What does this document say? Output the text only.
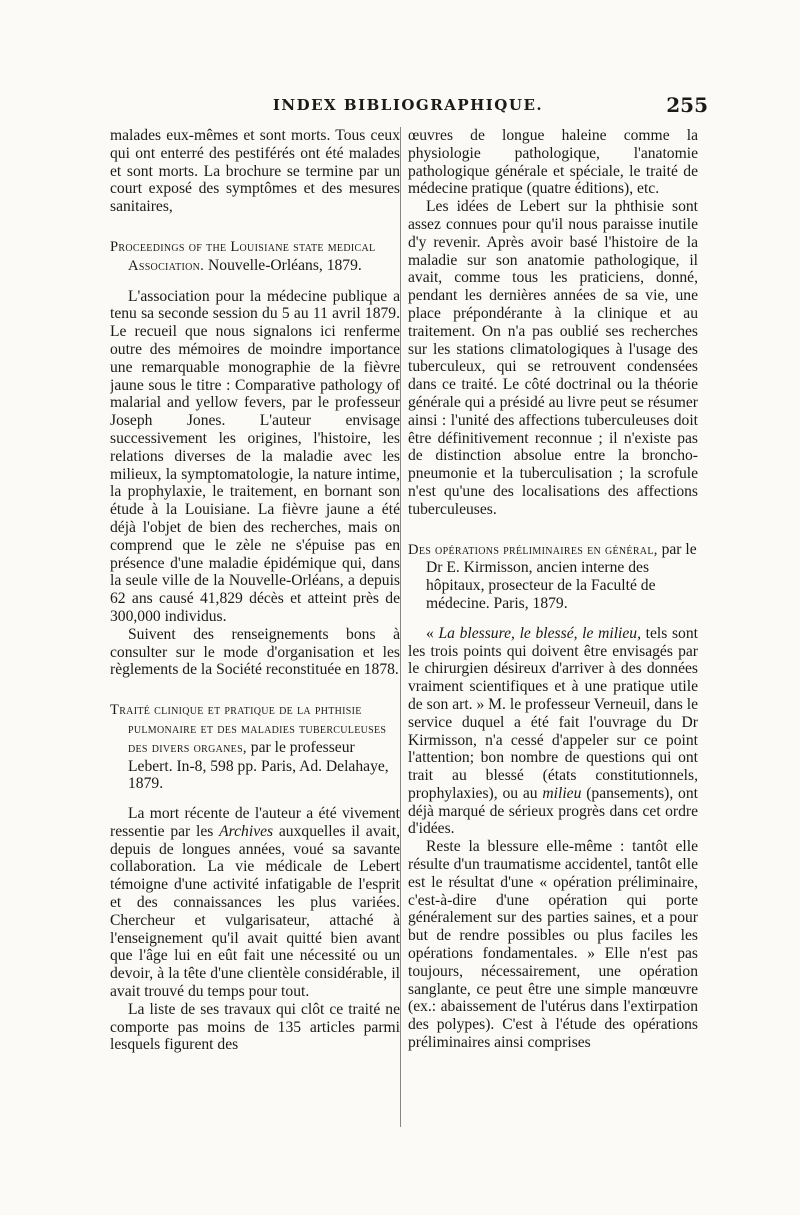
INDEX BIBLIOGRAPHIQUE.	255

malades eux-mêmes et sont morts. Tous ceux qui ont enterré des pestiférés ont été malades et sont morts. La brochure se termine par un court exposé des symptômes et des mesures sanitaires,

Proceedings of the Louisiane state medical Association. Nouvelle-Orléans, 1879.

L'association pour la médecine publique a tenu sa seconde session du 5 au 11 avril 1879. Le recueil que nous signalons ici renferme outre des mémoires de moindre importance une remarquable monographie de la fièvre jaune sous le titre : Comparative pathology of malarial and yellow fevers, par le professeur Joseph Jones. L'auteur envisage successivement les origines, l'histoire, les relations diverses de la maladie avec les milieux, la symptomatologie, la nature intime, la prophylaxie, le traitement, en bornant son étude à la Louisiane. La fièvre jaune a été déjà l'objet de bien des recherches, mais on comprend que le zèle ne s'épuise pas en présence d'une maladie épidémique qui, dans la seule ville de la Nouvelle-Orléans, a depuis 62 ans causé 41,829 décès et atteint près de 300,000 individus.

Suivent des renseignements bons à consulter sur le mode d'organisation et les règlements de la Société reconstituée en 1878.

Traité clinique et pratique de la phthisie pulmonaire et des maladies tuberculeuses des divers organes, par le professeur Lebert. In-8, 598 pp. Paris, Ad. Delahaye, 1879.

La mort récente de l'auteur a été vivement ressentie par les Archives auxquelles il avait, depuis de longues années, voué sa savante collaboration. La vie médicale de Lebert témoigne d'une activité infatigable de l'esprit et des connaissances les plus variées. Chercheur et vulgarisateur, attaché à l'enseignement qu'il avait quitté bien avant que l'âge lui en eût fait une nécessité ou un devoir, à la tête d'une clientèle considérable, il avait trouvé du temps pour tout.

La liste de ses travaux qui clôt ce traité ne comporte pas moins de 135 articles parmi lesquels figurent des

œuvres de longue haleine comme la physiologie pathologique, l'anatomie pathologique générale et spéciale, le traité de médecine pratique (quatre éditions), etc.

Les idées de Lebert sur la phthisie sont assez connues pour qu'il nous paraisse inutile d'y revenir. Après avoir basé l'histoire de la maladie sur son anatomie pathologique, il avait, comme tous les praticiens, donné, pendant les dernières années de sa vie, une place prépondérante à la clinique et au traitement. On n'a pas oublié ses recherches sur les stations climatologiques à l'usage des tuberculeux, qui se retrouvent condensées dans ce traité. Le côté doctrinal ou la théorie générale qui a présidé au livre peut se résumer ainsi : l'unité des affections tuberculeuses doit être définitivement reconnue ; il n'existe pas de distinction absolue entre la broncho-pneumonie et la tuberculisation ; la scrofule n'est qu'une des localisations des affections tuberculeuses.

Des opérations préliminaires en général, par le Dr E. Kirmisson, ancien interne des hôpitaux, prosecteur de la Faculté de médecine. Paris, 1879.

« La blessure, le blessé, le milieu, tels sont les trois points qui doivent être envisagés par le chirurgien désireux d'arriver à des données vraiment scientifiques et à une pratique utile de son art. » M. le professeur Verneuil, dans le service duquel a été fait l'ouvrage du Dr Kirmisson, n'a cessé d'appeler sur ce point l'attention; bon nombre de questions qui ont trait au blessé (états constitutionnels, prophylaxies), ou au milieu (pansements), ont déjà marqué de sérieux progrès dans cet ordre d'idées.

Reste la blessure elle-même : tantôt elle résulte d'un traumatisme accidentel, tantôt elle est le résultat d'une « opération préliminaire, c'est-à-dire d'une opération qui porte généralement sur des parties saines, et a pour but de rendre possibles ou plus faciles les opérations fondamentales. » Elle n'est pas toujours, nécessairement, une opération sanglante, ce peut être une simple manœuvre (ex.: abaissement de l'utérus dans l'extirpation des polypes). C'est à l'étude des opérations préliminaires ainsi comprises
